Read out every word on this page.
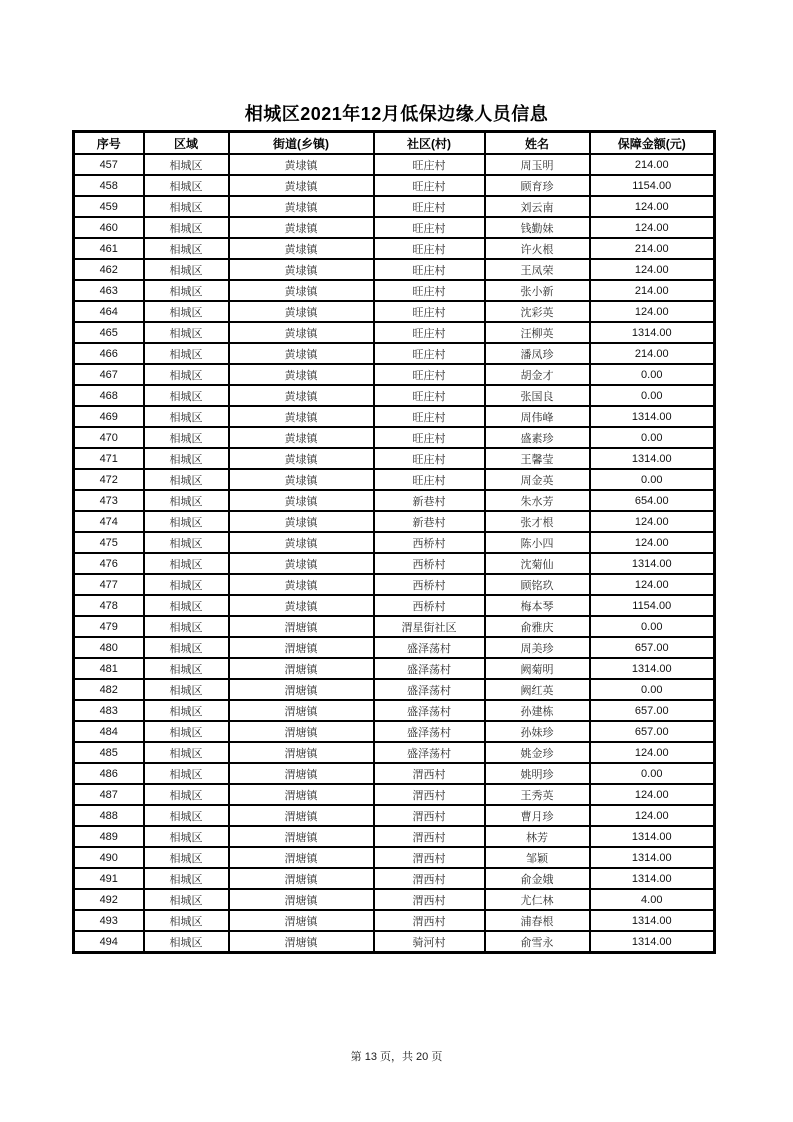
相城区2021年12月低保边缘人员信息
序号	区域	街道(乡镇)	社区(村)	姓名	保障金额(元)
457	相城区	黄埭镇	旺庄村	周玉明	214.00
458	相城区	黄埭镇	旺庄村	顾育珍	1154.00
459	相城区	黄埭镇	旺庄村	刘云南	124.00
460	相城区	黄埭镇	旺庄村	钱勤妹	124.00
461	相城区	黄埭镇	旺庄村	许火根	214.00
462	相城区	黄埭镇	旺庄村	王凤荣	124.00
463	相城区	黄埭镇	旺庄村	张小新	214.00
464	相城区	黄埭镇	旺庄村	沈彩英	124.00
465	相城区	黄埭镇	旺庄村	汪柳英	1314.00
466	相城区	黄埭镇	旺庄村	潘凤珍	214.00
467	相城区	黄埭镇	旺庄村	胡金才	0.00
468	相城区	黄埭镇	旺庄村	张国良	0.00
469	相城区	黄埭镇	旺庄村	周伟峰	1314.00
470	相城区	黄埭镇	旺庄村	盛素珍	0.00
471	相城区	黄埭镇	旺庄村	王馨莹	1314.00
472	相城区	黄埭镇	旺庄村	周金英	0.00
473	相城区	黄埭镇	新巷村	朱水芳	654.00
474	相城区	黄埭镇	新巷村	张才根	124.00
475	相城区	黄埭镇	西桥村	陈小四	124.00
476	相城区	黄埭镇	西桥村	沈菊仙	1314.00
477	相城区	黄埭镇	西桥村	顾铭玖	124.00
478	相城区	黄埭镇	西桥村	梅本琴	1154.00
479	相城区	渭塘镇	渭星街社区	俞雅庆	0.00
480	相城区	渭塘镇	盛泽荡村	周美珍	657.00
481	相城区	渭塘镇	盛泽荡村	阙菊明	1314.00
482	相城区	渭塘镇	盛泽荡村	阙红英	0.00
483	相城区	渭塘镇	盛泽荡村	孙建栋	657.00
484	相城区	渭塘镇	盛泽荡村	孙妹珍	657.00
485	相城区	渭塘镇	盛泽荡村	姚金珍	124.00
486	相城区	渭塘镇	渭西村	姚明珍	0.00
487	相城区	渭塘镇	渭西村	王秀英	124.00
488	相城区	渭塘镇	渭西村	曹月珍	124.00
489	相城区	渭塘镇	渭西村	林芳	1314.00
490	相城区	渭塘镇	渭西村	邹颖	1314.00
491	相城区	渭塘镇	渭西村	俞金娥	1314.00
492	相城区	渭塘镇	渭西村	尤仁林	4.00
493	相城区	渭塘镇	渭西村	浦春根	1314.00
494	相城区	渭塘镇	骑河村	俞雪永	1314.00
第 13 页，共 20 页
